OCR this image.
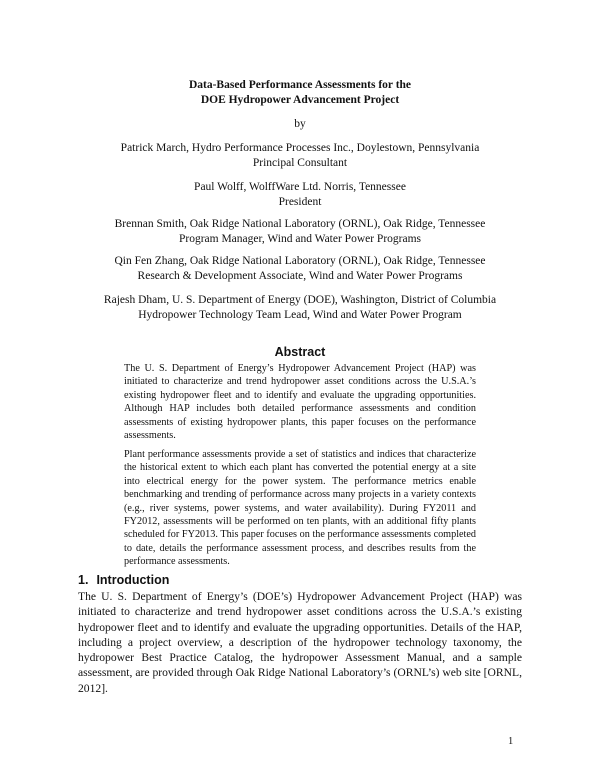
Data-Based Performance Assessments for the
DOE Hydropower Advancement Project
by
Patrick March, Hydro Performance Processes Inc., Doylestown, Pennsylvania
Principal Consultant
Paul Wolff, WolffWare Ltd. Norris, Tennessee
President
Brennan Smith, Oak Ridge National Laboratory (ORNL), Oak Ridge, Tennessee
Program Manager, Wind and Water Power Programs
Qin Fen Zhang, Oak Ridge National Laboratory (ORNL), Oak Ridge, Tennessee
Research & Development Associate, Wind and Water Power Programs
Rajesh Dham, U. S. Department of Energy (DOE), Washington, District of Columbia
Hydropower Technology Team Lead, Wind and Water Power Program
Abstract

The U. S. Department of Energy’s Hydropower Advancement Project (HAP) was initiated to characterize and trend hydropower asset conditions across the U.S.A.’s existing hydropower fleet and to identify and evaluate the upgrading opportunities. Although HAP includes both detailed performance assessments and condition assessments of existing hydropower plants, this paper focuses on the performance assessments.

Plant performance assessments provide a set of statistics and indices that characterize the historical extent to which each plant has converted the potential energy at a site into electrical energy for the power system. The performance metrics enable benchmarking and trending of performance across many projects in a variety contexts (e.g., river systems, power systems, and water availability). During FY2011 and FY2012, assessments will be performed on ten plants, with an additional fifty plants scheduled for FY2013. This paper focuses on the performance assessments completed to date, details the performance assessment process, and describes results from the performance assessments.

1. Introduction

The U. S. Department of Energy’s (DOE’s) Hydropower Advancement Project (HAP) was initiated to characterize and trend hydropower asset conditions across the U.S.A.’s existing hydropower fleet and to identify and evaluate the upgrading opportunities. Details of the HAP, including a project overview, a description of the hydropower technology taxonomy, the hydropower Best Practice Catalog, the hydropower Assessment Manual, and a sample assessment, are provided through Oak Ridge National Laboratory’s (ORNL’s) web site [ORNL, 2012].

1
